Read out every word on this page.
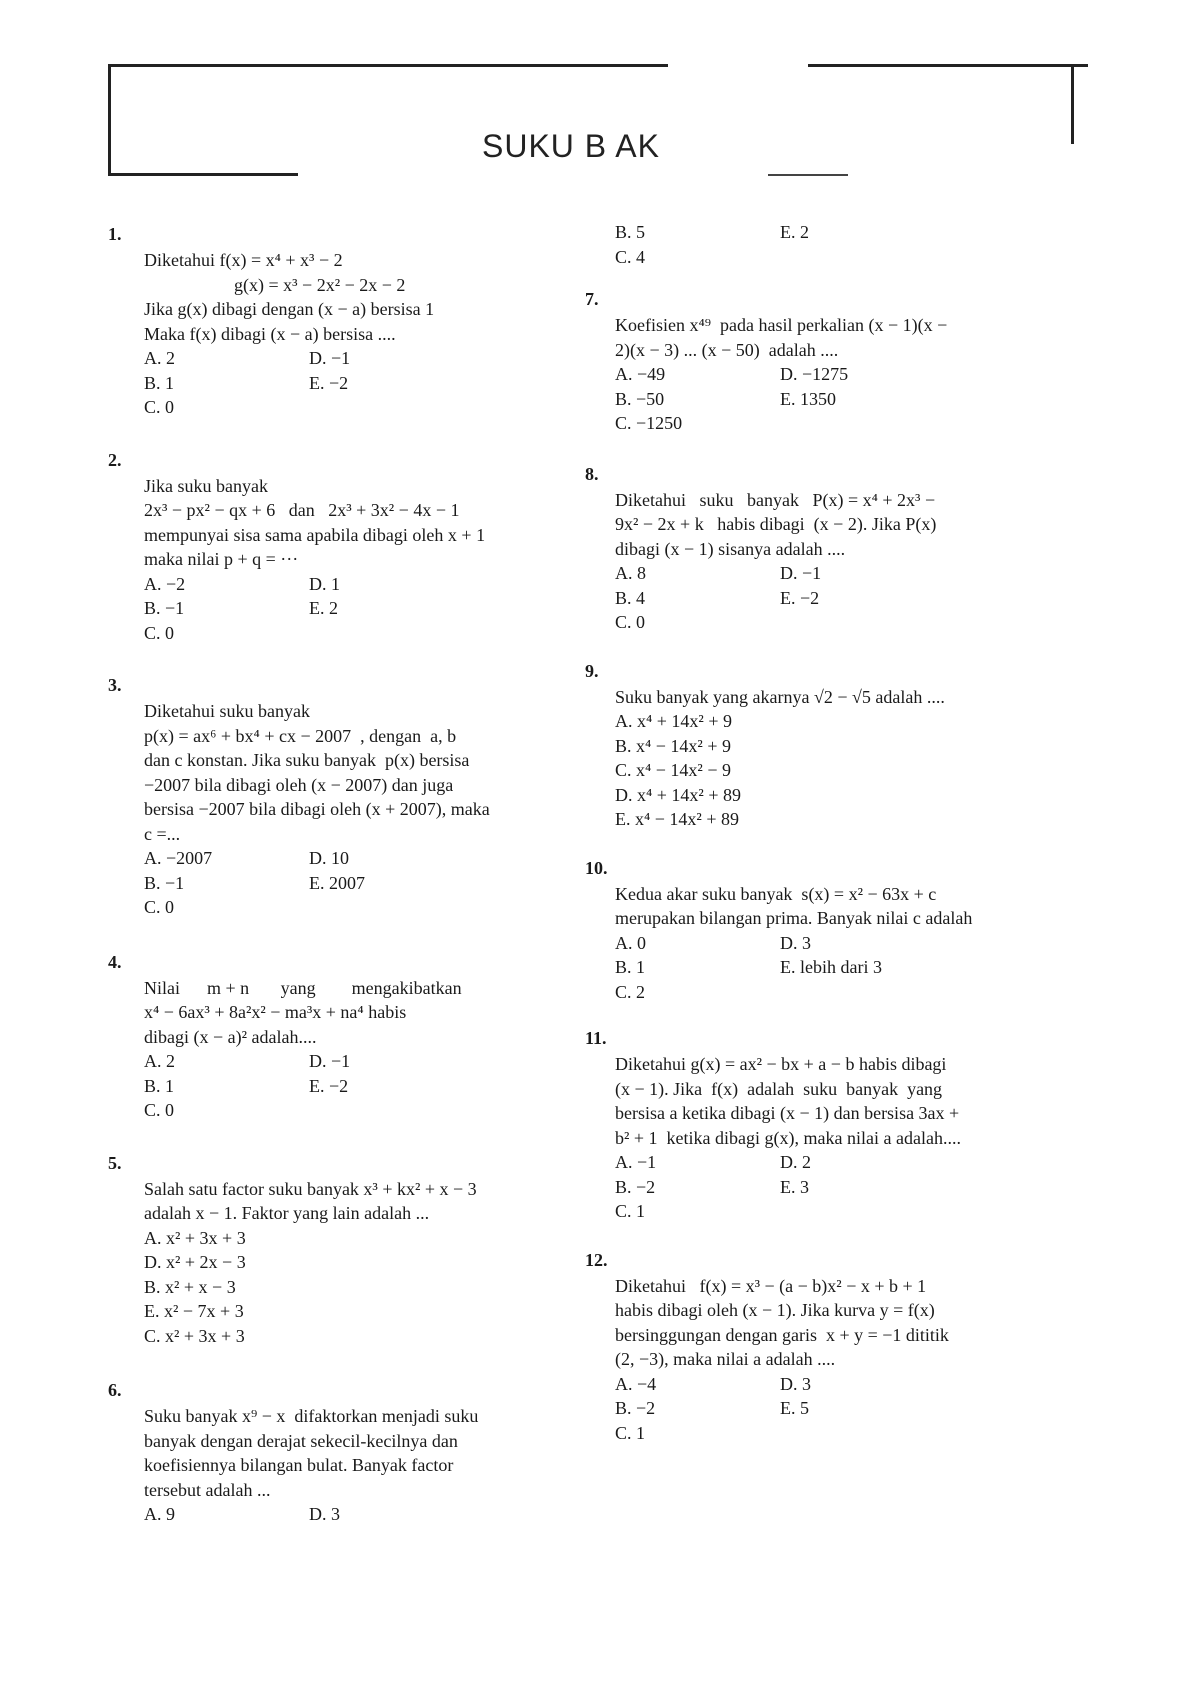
SUKU B AK
1.
Diketahui f(x) = x⁴ + x³ − 2
g(x) = x³ − 2x² − 2x − 2
Jika g(x) dibagi dengan (x − a) bersisa 1
Maka f(x) dibagi (x − a) bersisa ....
A. 2	D. −1
B. 1	E. −2
C. 0
2.
Jika suku banyak
2x³ − px² − qx + 6   dan   2x³ + 3x² − 4x − 1
mempunyai sisa sama apabila dibagi oleh x + 1
maka nilai p + q = ···
A. −2	D. 1
B. −1	E. 2
C. 0
3.
Diketahui suku banyak
p(x) = ax⁶ + bx⁴ + cx − 2007  , dengan  a, b
dan c konstan. Jika suku banyak  p(x) bersisa
−2007 bila dibagi oleh (x − 2007) dan juga
bersisa −2007 bila dibagi oleh (x + 2007), maka
c =...
A. −2007	D. 10
B. −1	E. 2007
C. 0
4.
Nilai      m + n       yang        mengakibatkan
x⁴ − 6ax³ + 8a²x² − ma³x + na⁴ habis
dibagi (x − a)² adalah....
A. 2	D. −1
B. 1	E. −2
C. 0
5.
Salah satu factor suku banyak x³ + kx² + x − 3
adalah x − 1. Faktor yang lain adalah ...
A. x² + 3x + 3
D. x² + 2x − 3
B. x² + x − 3
E. x² − 7x + 3
C. x² + 3x + 3
6.
Suku banyak x⁹ − x  difaktorkan menjadi suku
banyak dengan derajat sekecil-kecilnya dan
koefisiennya bilangan bulat. Banyak factor
tersebut adalah ...
A. 9	D. 3
B. 5	E. 2
C. 4
7.
Koefisien x⁴⁹  pada hasil perkalian (x − 1)(x −
2)(x − 3) ... (x − 50)  adalah ....
A. −49	D. −1275
B. −50	E. 1350
C. −1250
8.
Diketahui   suku   banyak   P(x) = x⁴ + 2x³ −
9x² − 2x + k   habis dibagi  (x − 2). Jika P(x)
dibagi (x − 1) sisanya adalah ....
A. 8	D. −1
B. 4	E. −2
C. 0
9.
Suku banyak yang akarnya √2 − √5 adalah ....
A. x⁴ + 14x² + 9
B. x⁴ − 14x² + 9
C. x⁴ − 14x² − 9
D. x⁴ + 14x² + 89
E. x⁴ − 14x² + 89
10.
Kedua akar suku banyak  s(x) = x² − 63x + c
merupakan bilangan prima. Banyak nilai c adalah
A. 0	D. 3
B. 1	E. lebih dari 3
C. 2
11.
Diketahui g(x) = ax² − bx + a − b habis dibagi
(x − 1). Jika  f(x)  adalah  suku  banyak  yang
bersisa a ketika dibagi (x − 1) dan bersisa 3ax +
b² + 1  ketika dibagi g(x), maka nilai a adalah....
A. −1	D. 2
B. −2	E. 3
C. 1
12.
Diketahui   f(x) = x³ − (a − b)x² − x + b + 1
habis dibagi oleh (x − 1). Jika kurva y = f(x)
bersinggungan dengan garis  x + y = −1 dititik
(2, −3), maka nilai a adalah ....
A. −4	D. 3
B. −2	E. 5
C. 1
